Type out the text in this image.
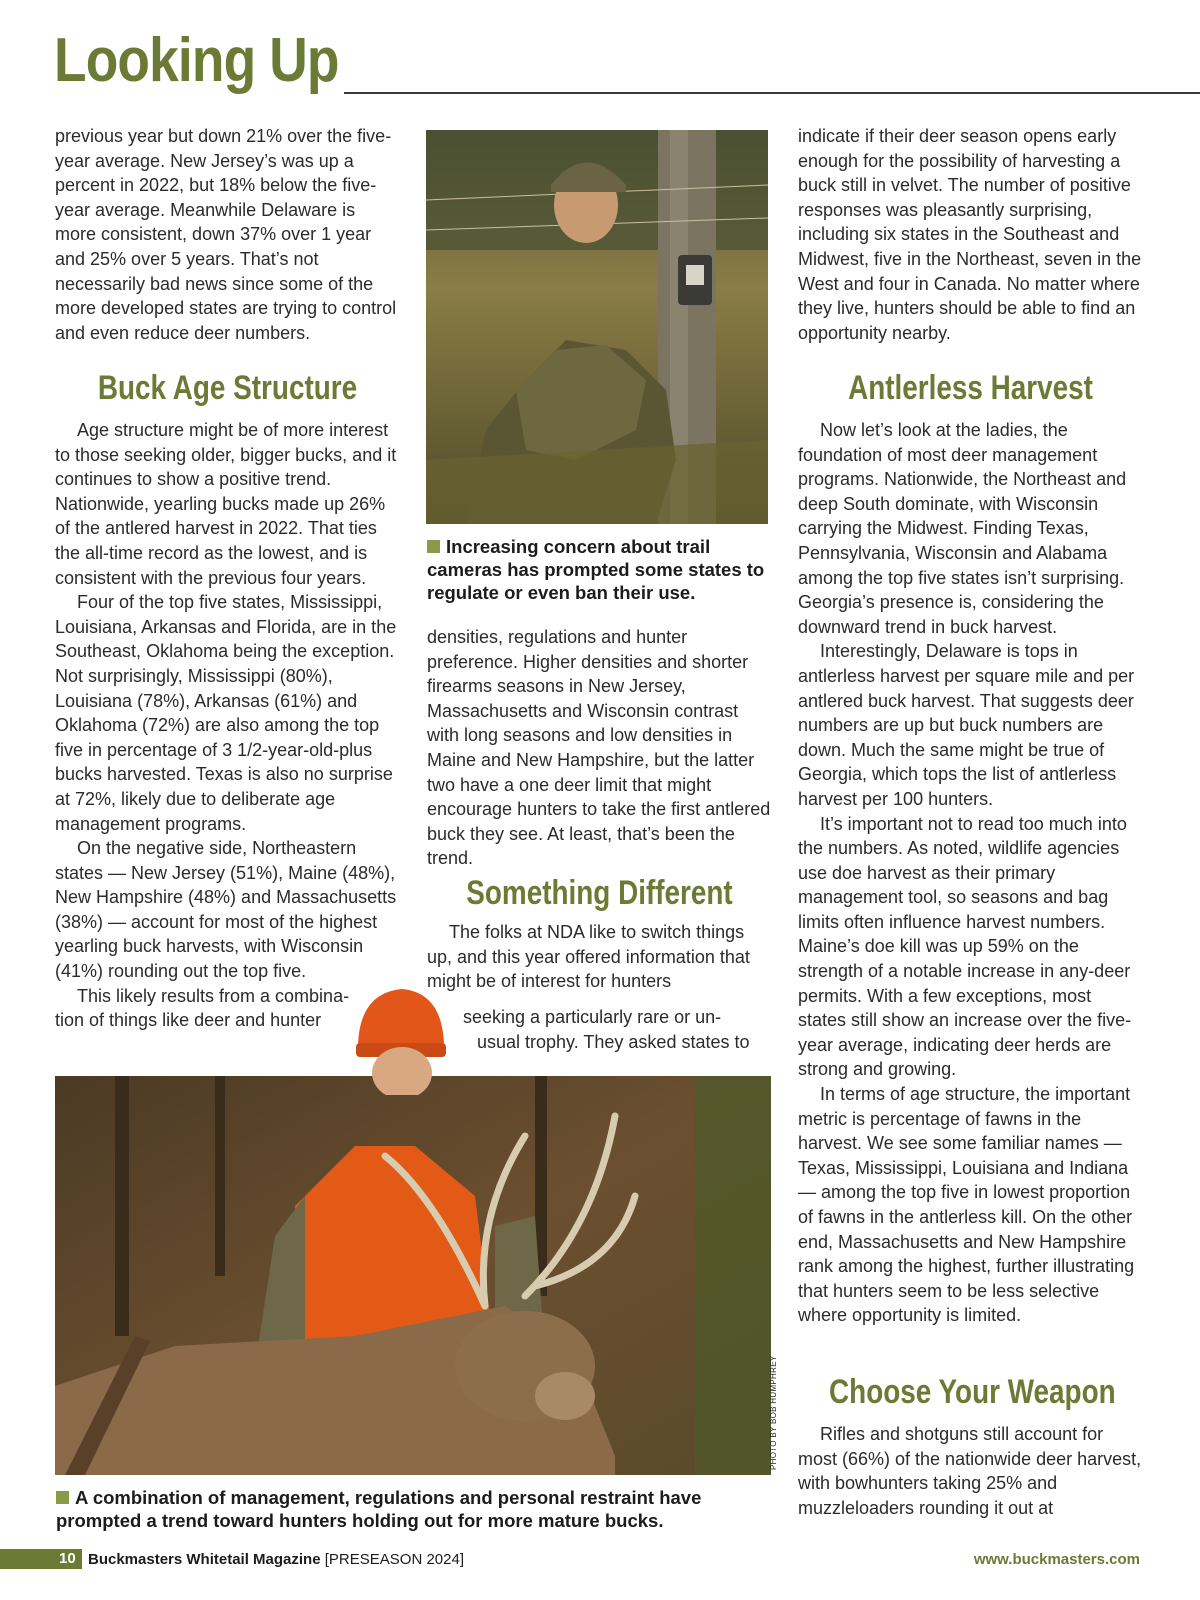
Looking Up

previous year but down 21% over the five-year average. New Jersey’s was up a percent in 2022, but 18% below the five-year average. Meanwhile Delaware is more consistent, down 37% over 1 year and 25% over 5 years. That’s not necessarily bad news since some of the more developed states are trying to control and even reduce deer numbers.

Buck Age Structure

Age structure might be of more interest to those seeking older, bigger bucks, and it continues to show a positive trend. Nationwide, yearling bucks made up 26% of the antlered harvest in 2022. That ties the all-time record as the lowest, and is consistent with the previous four years.

Four of the top five states, Mississippi, Louisiana, Arkansas and Florida, are in the Southeast, Oklahoma being the exception. Not surprisingly, Mississippi (80%), Louisiana (78%), Arkansas (61%) and Oklahoma (72%) are also among the top five in percentage of 3 1/2-year-old-plus bucks harvested. Texas is also no surprise at 72%, likely due to deliberate age management programs.

On the negative side, Northeastern states — New Jersey (51%), Maine (48%), New Hampshire (48%) and Massachusetts (38%) — account for most of the highest yearling buck harvests, with Wisconsin (41%) rounding out the top five.

This likely results from a combina-

tion of things like deer and hunter

Increasing concern about trail cameras has prompted some states to regulate or even ban their use.

densities, regulations and hunter preference. Higher densities and shorter firearms seasons in New Jersey, Massachusetts and Wisconsin contrast with long seasons and low densities in Maine and New Hampshire, but the latter two have a one deer limit that might encourage hunters to take the first antlered buck they see. At least, that’s been the trend.

Something Different

The folks at NDA like to switch things up, and this year offered information that might be of interest for hunters

seeking a particularly rare or un-

usual trophy. They asked states to

PHOTO BY BOB HUMPHREY
A combination of management, regulations and personal restraint have prompted a trend toward hunters holding out for more mature bucks.

indicate if their deer season opens early enough for the possibility of harvesting a buck still in velvet. The number of positive responses was pleasantly surprising, including six states in the Southeast and Midwest, five in the Northeast, seven in the West and four in Canada. No matter where they live, hunters should be able to find an opportunity nearby.

Antlerless Harvest

Now let’s look at the ladies, the foundation of most deer management programs. Nationwide, the Northeast and deep South dominate, with Wisconsin carrying the Midwest. Finding Texas, Pennsylvania, Wisconsin and Alabama among the top five states isn’t surprising. Georgia’s presence is, considering the downward trend in buck harvest.

Interestingly, Delaware is tops in antlerless harvest per square mile and per antlered buck harvest. That suggests deer numbers are up but buck numbers are down. Much the same might be true of Georgia, which tops the list of antlerless harvest per 100 hunters.

It’s important not to read too much into the numbers. As noted, wildlife agencies use doe harvest as their primary management tool, so seasons and bag limits often influence harvest numbers. Maine’s doe kill was up 59% on the strength of a notable increase in any-deer permits. With a few exceptions, most states still show an increase over the five-year average, indicating deer herds are strong and growing.

In terms of age structure, the important metric is percentage of fawns in the harvest. We see some familiar names — Texas, Mississippi, Louisiana and Indiana — among the top five in lowest proportion of fawns in the antlerless kill. On the other end, Massachusetts and New Hampshire rank among the highest, further illustrating that hunters seem to be less selective where opportunity is limited.

Choose Your Weapon

Rifles and shotguns still account for most (66%) of the nationwide deer harvest, with bowhunters taking 25% and muzzleloaders rounding it out at

10 Buckmasters Whitetail Magazine [PRESEASON 2024]	www.buckmasters.com
